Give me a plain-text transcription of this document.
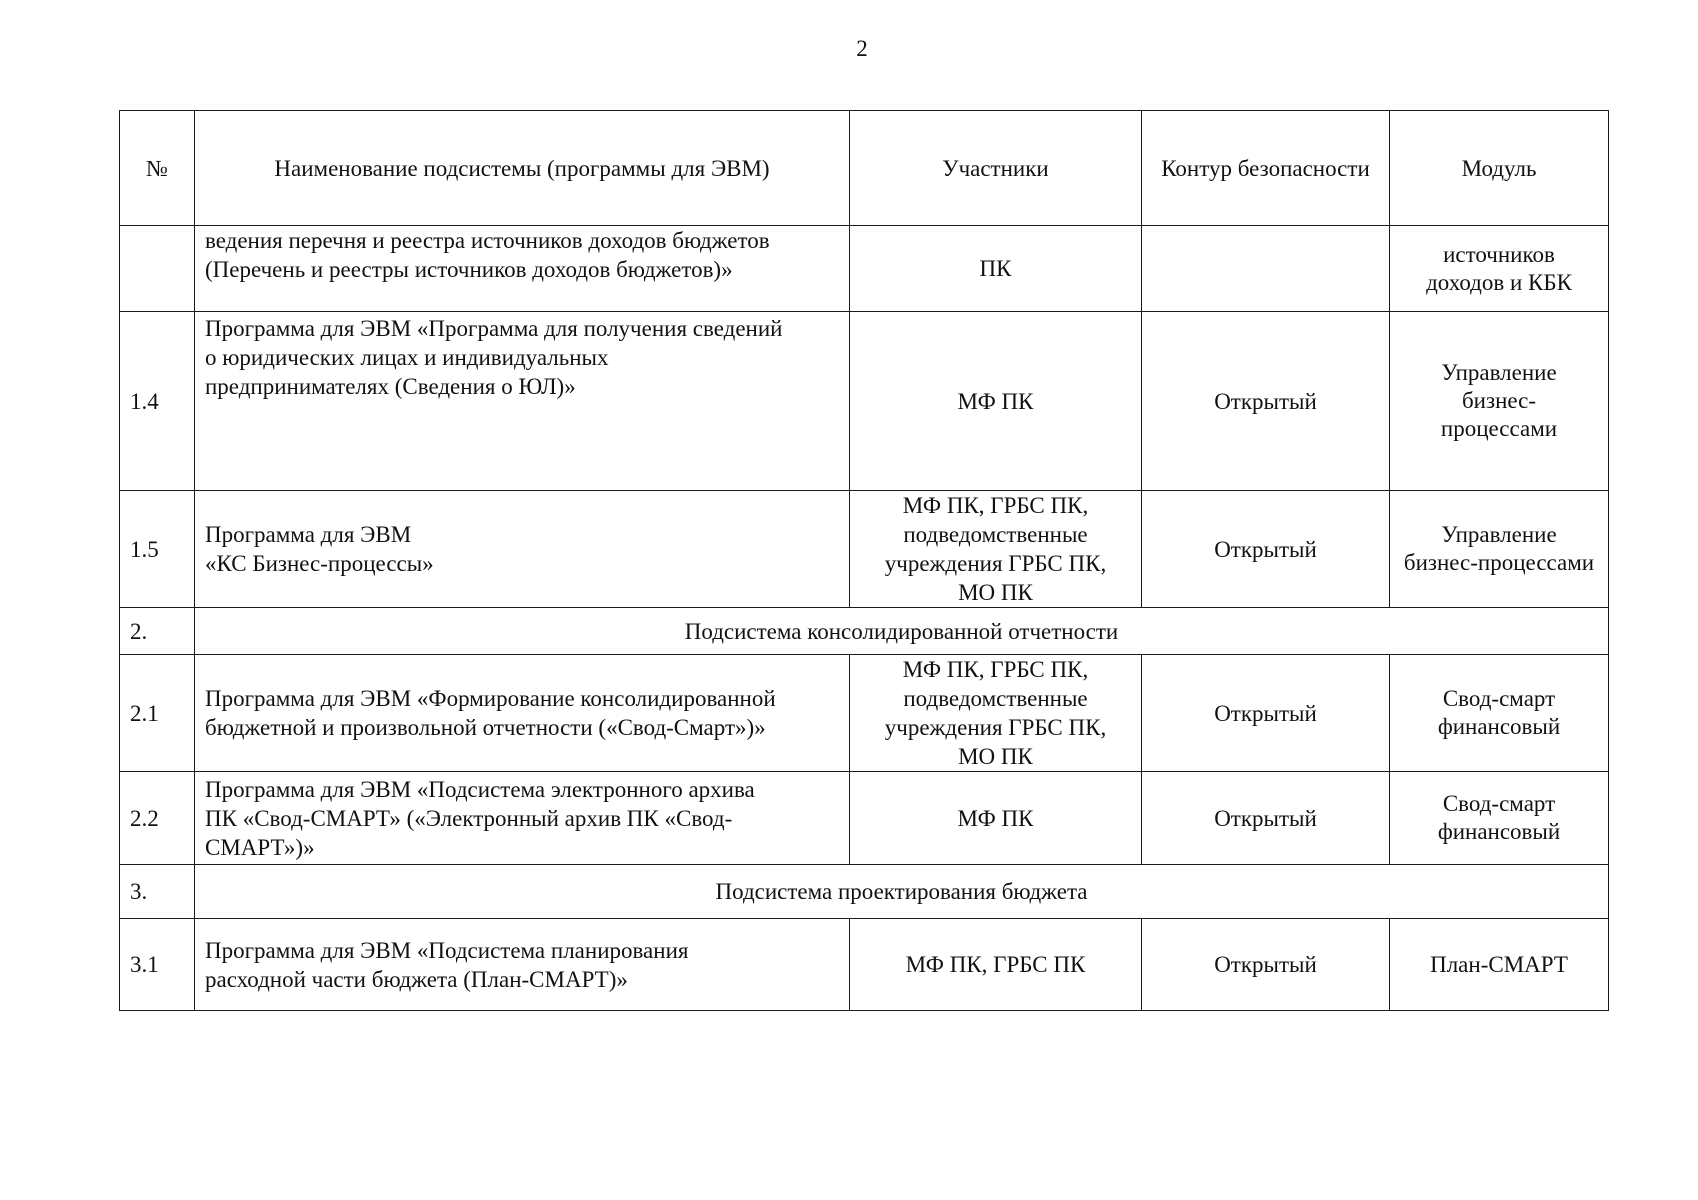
2
№	Наименование подсистемы (программы для ЭВМ)	Участники	Контур безопасности	Модуль

	ведения перечня и реестра источников доходов бюджетов
(Перечень и реестры источников доходов бюджетов)»	ПК		источников
доходов и КБК

1.4	Программа для ЭВМ «Программа для получения сведений
о юридических лицах и индивидуальных
предпринимателях (Сведения о ЮЛ)»	МФ ПК	Открытый	Управление
бизнес-
процессами

1.5	Программа для ЭВМ
«КС Бизнес-процессы»	МФ ПК, ГРБС ПК,
подведомственные
учреждения ГРБС ПК,
МО ПК	Открытый	Управление
бизнес-процессами

2.	Подсистема консолидированной отчетности			
2.1	Программа для ЭВМ «Формирование консолидированной
бюджетной и произвольной отчетности («Свод-Смарт»)»	МФ ПК, ГРБС ПК,
подведомственные
учреждения ГРБС ПК,
МО ПК	Открытый	Свод-смарт
финансовый

2.2	Программа для ЭВМ «Подсистема электронного архива
ПК «Свод-СМАРТ» («Электронный архив ПК «Свод-
СМАРТ»)»	МФ ПК	Открытый	Свод-смарт
финансовый

3.	Подсистема проектирования бюджета			
3.1	Программа для ЭВМ «Подсистема планирования
расходной части бюджета (План-СМАРТ)»	МФ ПК, ГРБС ПК	Открытый	План-СМАРТ
